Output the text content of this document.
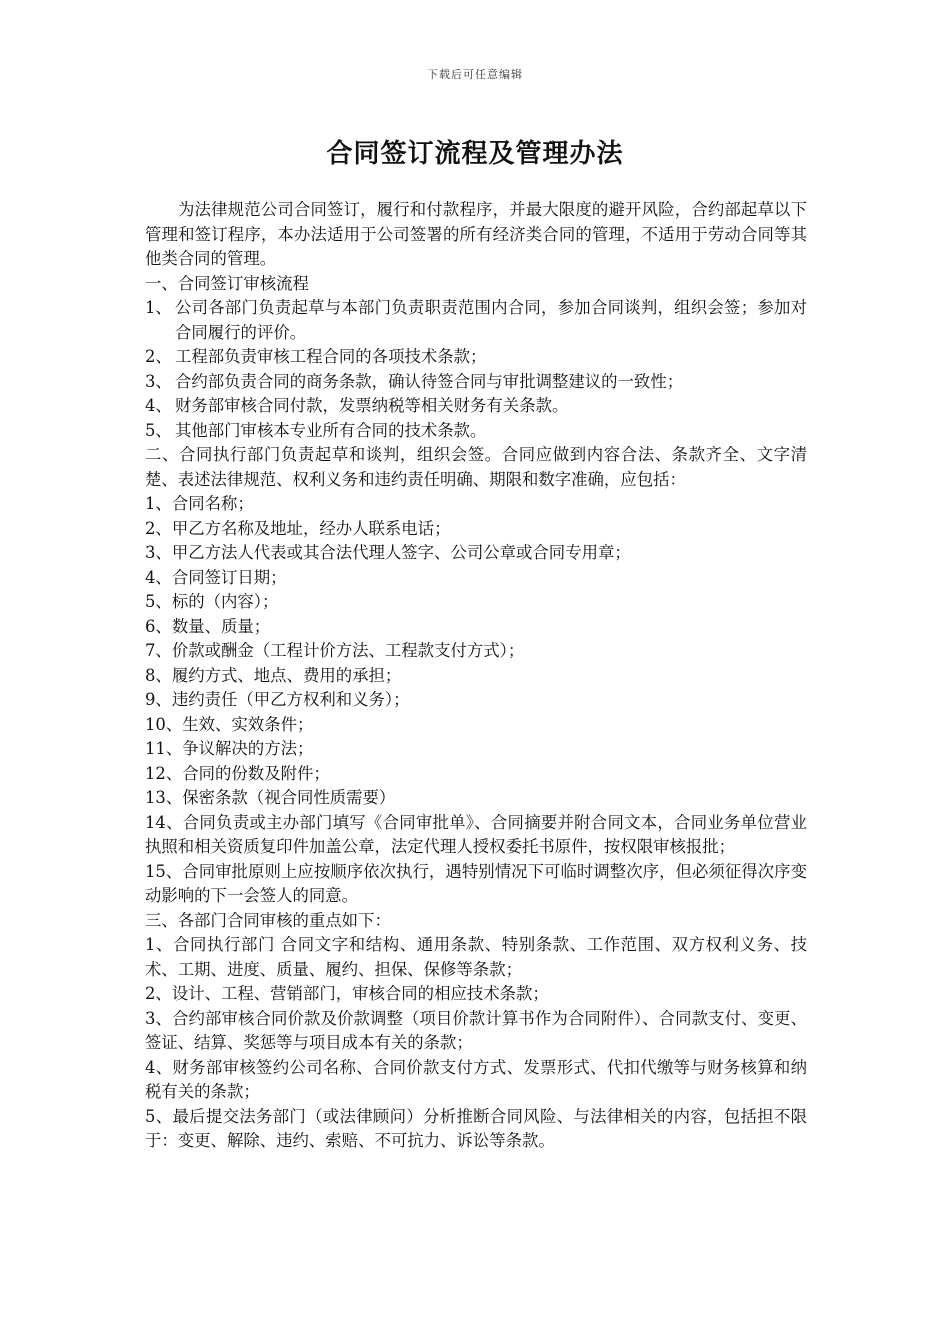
下载后可任意编辑
合同签订流程及管理办法

为法律规范公司合同签订，履行和付款程序，并最大限度的避开风险，合约部起草以下管理和签订程序，本办法适用于公司签署的所有经济类合同的管理，不适用于劳动合同等其他类合同的管理。

一、合同签订审核流程

1、 公司各部门负责起草与本部门负责职责范围内合同，参加合同谈判，组织会签；参加对合同履行的评价。
2、 工程部负责审核工程合同的各项技术条款；
3、 合约部负责合同的商务条款，确认待签合同与审批调整建议的一致性；
4、 财务部审核合同付款，发票纳税等相关财务有关条款。
5、 其他部门审核本专业所有合同的技术条款。

二、合同执行部门负责起草和谈判，组织会签。合同应做到内容合法、条款齐全、文字清楚、表述法律规范、权利义务和违约责任明确、期限和数字准确，应包括：

1、合同名称；

2、甲乙方名称及地址，经办人联系电话；

3、甲乙方法人代表或其合法代理人签字、公司公章或合同专用章；

4、合同签订日期；

5、标的（内容）；

6、数量、质量；

7、价款或酬金（工程计价方法、工程款支付方式）；

8、履约方式、地点、费用的承担；

9、违约责任（甲乙方权利和义务）；

10、生效、实效条件；

11、争议解决的方法；

12、合同的份数及附件；

13、保密条款（视合同性质需要）

14、合同负责或主办部门填写《合同审批单》、合同摘要并附合同文本，合同业务单位营业执照和相关资质复印件加盖公章，法定代理人授权委托书原件，按权限审核报批；

15、合同审批原则上应按顺序依次执行，遇特别情况下可临时调整次序，但必须征得次序变动影响的下一会签人的同意。

三、各部门合同审核的重点如下：

1、合同执行部门 合同文字和结构、通用条款、特别条款、工作范围、双方权利义务、技术、工期、进度、质量、履约、担保、保修等条款；

2、设计、工程、营销部门，审核合同的相应技术条款；

3、合约部审核合同价款及价款调整（项目价款计算书作为合同附件）、合同款支付、变更、签证、结算、奖惩等与项目成本有关的条款；

4、财务部审核签约公司名称、合同价款支付方式、发票形式、代扣代缴等与财务核算和纳税有关的条款；

5、最后提交法务部门（或法律顾问）分析推断合同风险、与法律相关的内容，包括担不限于：变更、解除、违约、索赔、不可抗力、诉讼等条款。
